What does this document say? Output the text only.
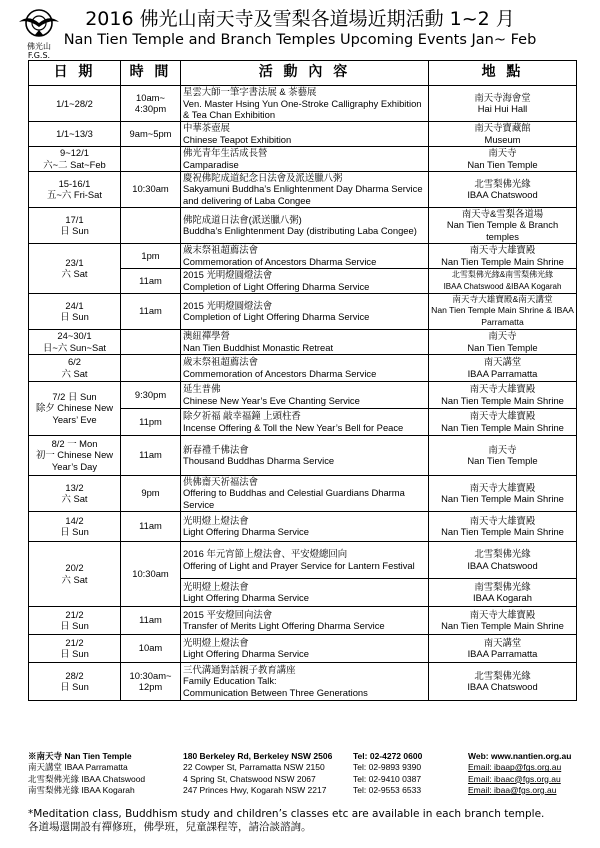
佛光山 F.G.S.
2016 佛光山南天寺及雪梨各道場近期活動 1~2 月
Nan Tien Temple and Branch Temples Upcoming Events Jan~ Feb
日 期	時 間	活 動 內 容	地 點
1/1~28/2	10am~
4:30pm	星雲大師一筆字書法展 & 茶藝展
Ven. Master Hsing Yun One-Stroke Calligraphy Exhibition & Tea Chan Exhibition	南天寺海會堂
Hai Hui Hall

1/1~13/3	9am~5pm	中華茶壺展
Chinese Teapot Exhibition	南天寺寶藏館
Museum

9~12/1
六~二 Sat~Feb		佛光青年生活成長營
Camparadise	南天寺
Nan Tien Temple

15-16/1
五~六 Fri-Sat	10:30am	慶祝佛陀成道紀念日法會及派送臘八粥
Sakyamuni Buddha’s Enlightenment Day Dharma Service and delivering of Laba Congee	北雪梨佛光緣
IBAA Chatswood

17/1
日 Sun		佛陀成道日法會(派送臘八粥)
Buddha’s Enlightenment Day (distributing Laba Congee)	南天寺&雪梨各道場
Nan Tien Temple & Branch temples

23/1
六 Sat	1pm	歲末祭祖超薦法會
Commemoration of Ancestors Dharma Service	南天寺大雄寶殿
Nan Tien Temple Main Shrine

	11am	2015 光明燈圓燈法會
Completion of Light Offering Dharma Service	北雪梨佛光緣&南雪梨佛光緣
IBAA Chatswood &IBAA Kogarah

24/1
日 Sun	11am	2015 光明燈圓燈法會
Completion of Light Offering Dharma Service	南天寺大雄寶殿&南天講堂
Nan Tien Temple Main Shrine & IBAA Parramatta

24~30/1
日~六 Sun~Sat		澳紐禪學營
Nan Tien Buddhist Monastic Retreat	南天寺
Nan Tien Temple

6/2
六 Sat		歲末祭祖超薦法會
Commemoration of Ancestors Dharma Service	南天講堂
IBAA Parramatta

7/2 日 Sun
除夕 Chinese New Years’ Eve	9:30pm	延生普佛
Chinese New Year’s Eve Chanting Service	南天寺大雄寶殿
Nan Tien Temple Main Shrine

	11pm	除夕祈福 敲幸福鐘 上頭柱香
Incense Offering & Toll the New Year’s Bell for Peace	南天寺大雄寶殿
Nan Tien Temple Main Shrine

8/2 一 Mon
初一 Chinese New Year’s Day	11am	新春禮千佛法會
Thousand Buddhas Dharma Service	南天寺
Nan Tien Temple

13/2
六 Sat	9pm	供佛齋天祈福法會
Offering to Buddhas and Celestial Guardians Dharma Service	南天寺大雄寶殿
Nan Tien Temple Main Shrine

14/2
日 Sun	11am	光明燈上燈法會
Light Offering Dharma Service	南天寺大雄寶殿
Nan Tien Temple Main Shrine

20/2
六 Sat	10:30am	2016 年元宵節上燈法會、平安燈總回向
Offering of Light and Prayer Service for Lantern Festival	北雪梨佛光緣
IBAA Chatswood

		光明燈上燈法會
Light Offering Dharma Service	南雪梨佛光緣
IBAA Kogarah

21/2
日 Sun	11am	2015 平安燈回向法會
Transfer of Merits Light Offering Dharma Service	南天寺大雄寶殿
Nan Tien Temple Main Shrine

21/2
日 Sun	10am	光明燈上燈法會
Light Offering Dharma Service	南天講堂
IBAA Parramatta

28/2
日 Sun	10:30am~
12pm	三代溝通對話親子教育講座
Family Education Talk:
Communication Between Three Generations	北雪梨佛光緣
IBAA Chatswood
※南天寺 Nan Tien Temple	180 Berkeley Rd, Berkeley NSW 2506	Tel: 02-4272 0600	Web: www.nantien.org.au
南天講堂 IBAA Parramatta	22 Cowper St, Parramatta NSW 2150	Tel: 02-9893 9390	Email: ibaap@fgs.org.au
北雪梨佛光緣 IBAA Chatswood	4 Spring St, Chatswood NSW 2067	Tel: 02-9410 0387	Email: ibaac@fgs.org.au
南雪梨佛光緣 IBAA Kogarah	247 Princes Hwy, Kogarah NSW 2217	Tel: 02-9553 6533	Email: ibaa@fgs.org.au
*Meditation class, Buddhism study and children’s classes etc are available in each branch temple.
各道場還開設有禪修班，佛學班，兒童課程等，請洽談諮詢。
